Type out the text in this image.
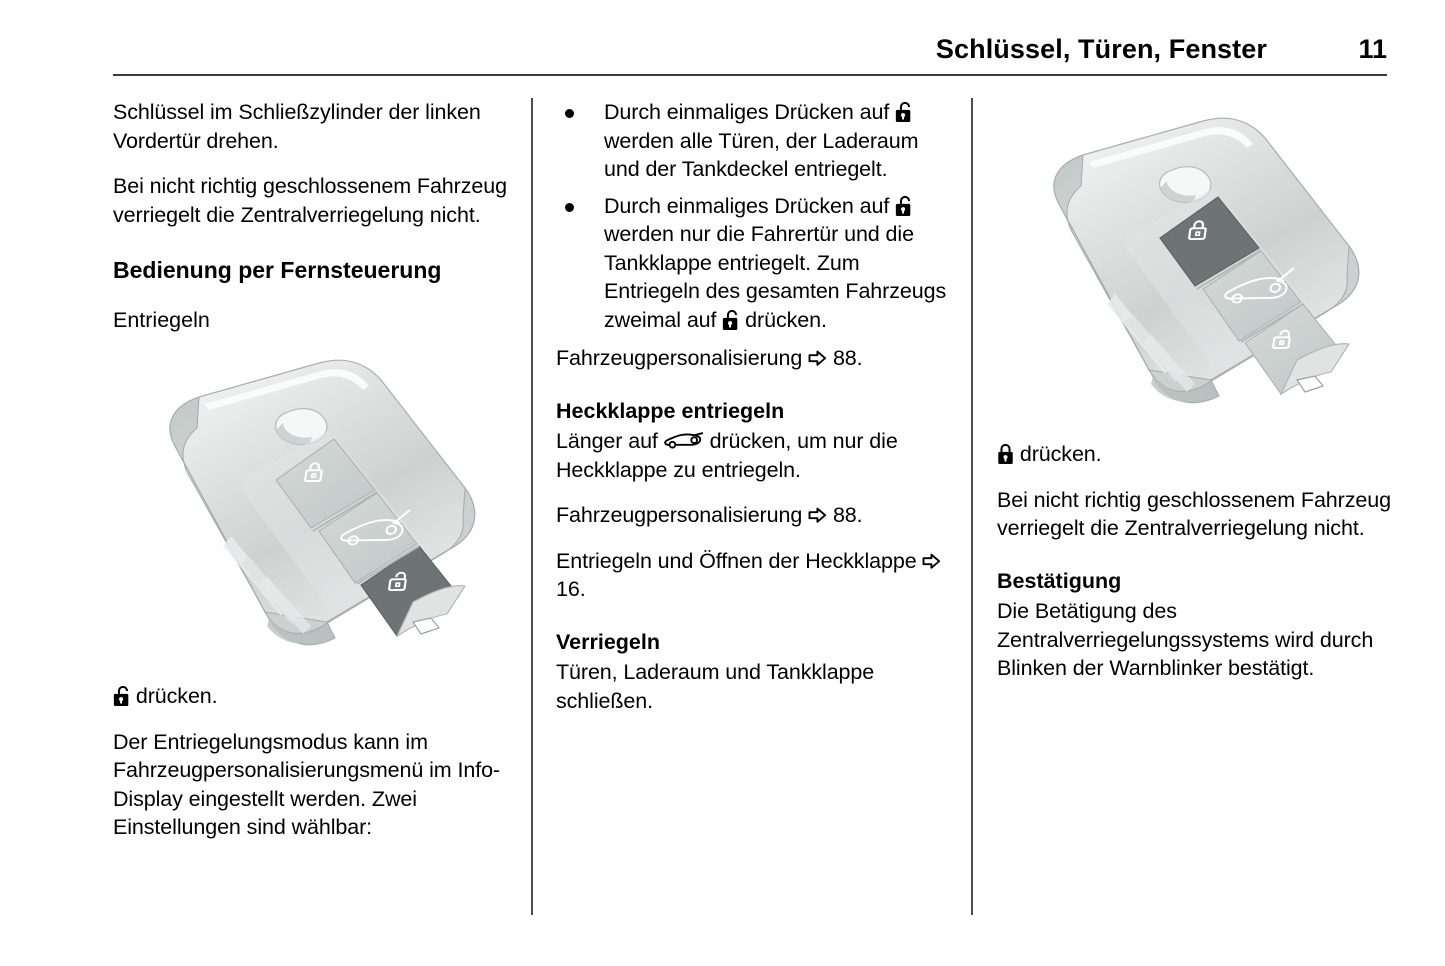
Schlüssel, Türen, Fenster	11

Schlüssel im Schließzylinder der linken Vordertür drehen.

Bei nicht richtig geschlossenem Fahrzeug verriegelt die Zentralverriegelung nicht.

Bedienung per Fernsteuerung
Entriegeln

drücken.

Der Entriegelungsmodus kann im Fahrzeugpersonalisierungsmenü im Info-Display eingestellt werden. Zwei Einstellungen sind wählbar:

Durch einmaliges Drücken auf
werden alle Türen, der Laderaum und der Tankdeckel entriegelt.
Durch einmaliges Drücken auf
werden nur die Fahrertür und die Tankklappe entriegelt. Zum Entriegeln des gesamten Fahrzeugs zweimal auf drücken.

Fahrzeugpersonalisierung 88.

Heckklappe entriegeln

Länger auf drücken, um nur die Heckklappe zu entriegeln.

Fahrzeugpersonalisierung 88.

Entriegeln und Öffnen der Heckklappe
16.

Verriegeln

Türen, Laderaum und Tankklappe schließen.

drücken.

Bei nicht richtig geschlossenem Fahrzeug verriegelt die Zentralverriegelung nicht.

Bestätigung

Die Betätigung des Zentralverriegelungssystems wird durch Blinken der Warnblinker bestätigt.
